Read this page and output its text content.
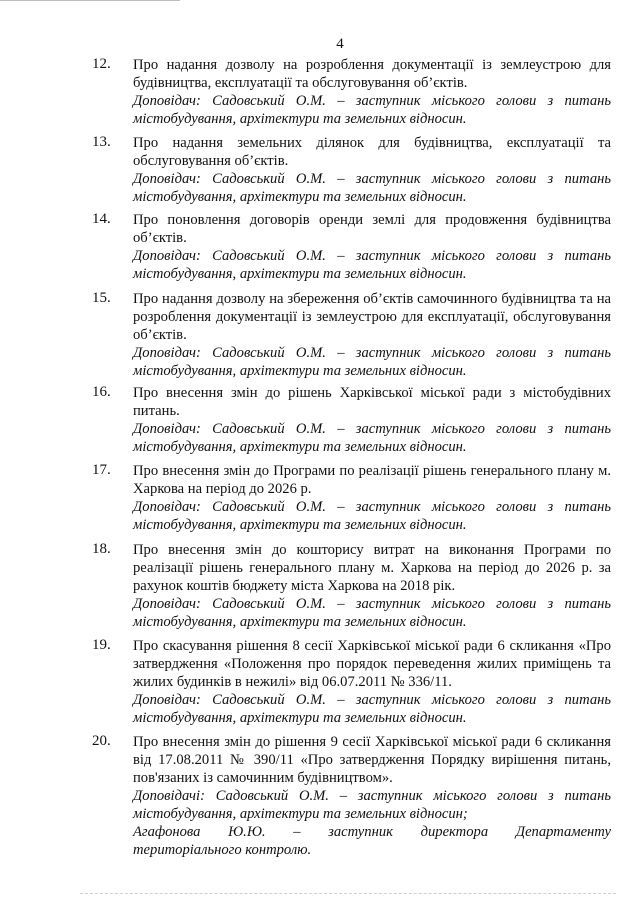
4
12. Про надання дозволу на розроблення документації із землеустрою для будівництва, експлуатації та обслуговування об’єктів.

Доповідач: Садовський О.М. – заступник міського голови з питань містобудування, архітектури та земельних відносин.

13. Про надання земельних ділянок для будівництва, експлуатації та обслуговування об’єктів.

Доповідач: Садовський О.М. – заступник міського голови з питань містобудування, архітектури та земельних відносин.

14. Про поновлення договорів оренди землі для продовження будівництва об’єктів.

Доповідач: Садовський О.М. – заступник міського голови з питань містобудування, архітектури та земельних відносин.

15. Про надання дозволу на збереження об’єктів самочинного будівництва та на розроблення документації із землеустрою для експлуатації, обслуговування об’єктів.

Доповідач: Садовський О.М. – заступник міського голови з питань містобудування, архітектури та земельних відносин.

16. Про внесення змін до рішень Харківської міської ради з містобудівних питань.

Доповідач: Садовський О.М. – заступник міського голови з питань містобудування, архітектури та земельних відносин.

17. Про внесення змін до Програми по реалізації рішень генерального плану м. Харкова на період до 2026 р.

Доповідач: Садовський О.М. – заступник міського голови з питань містобудування, архітектури та земельних відносин.

18. Про внесення змін до кошторису витрат на виконання Програми по реалізації рішень генерального плану м. Харкова на період до 2026 р. за рахунок коштів бюджету міста Харкова на 2018 рік.

Доповідач: Садовський О.М. – заступник міського голови з питань містобудування, архітектури та земельних відносин.

19. Про скасування рішення 8 сесії Харківської міської ради 6 скликання «Про затвердження «Положення про порядок переведення жилих приміщень та жилих будинків в нежилі» від 06.07.2011 № 336/11.

Доповідач: Садовський О.М. – заступник міського голови з питань містобудування, архітектури та земельних відносин.

20. Про внесення змін до рішення 9 сесії Харківської міської ради 6 скликання від 17.08.2011 № 390/11 «Про затвердження Порядку вирішення питань, пов'язаних із самочинним будівництвом».

Доповідачі: Садовський О.М. – заступник міського голови з питань містобудування, архітектури та земельних відносин;

Агафонова Ю.Ю. – заступник директора Департаменту

територіального контролю.
